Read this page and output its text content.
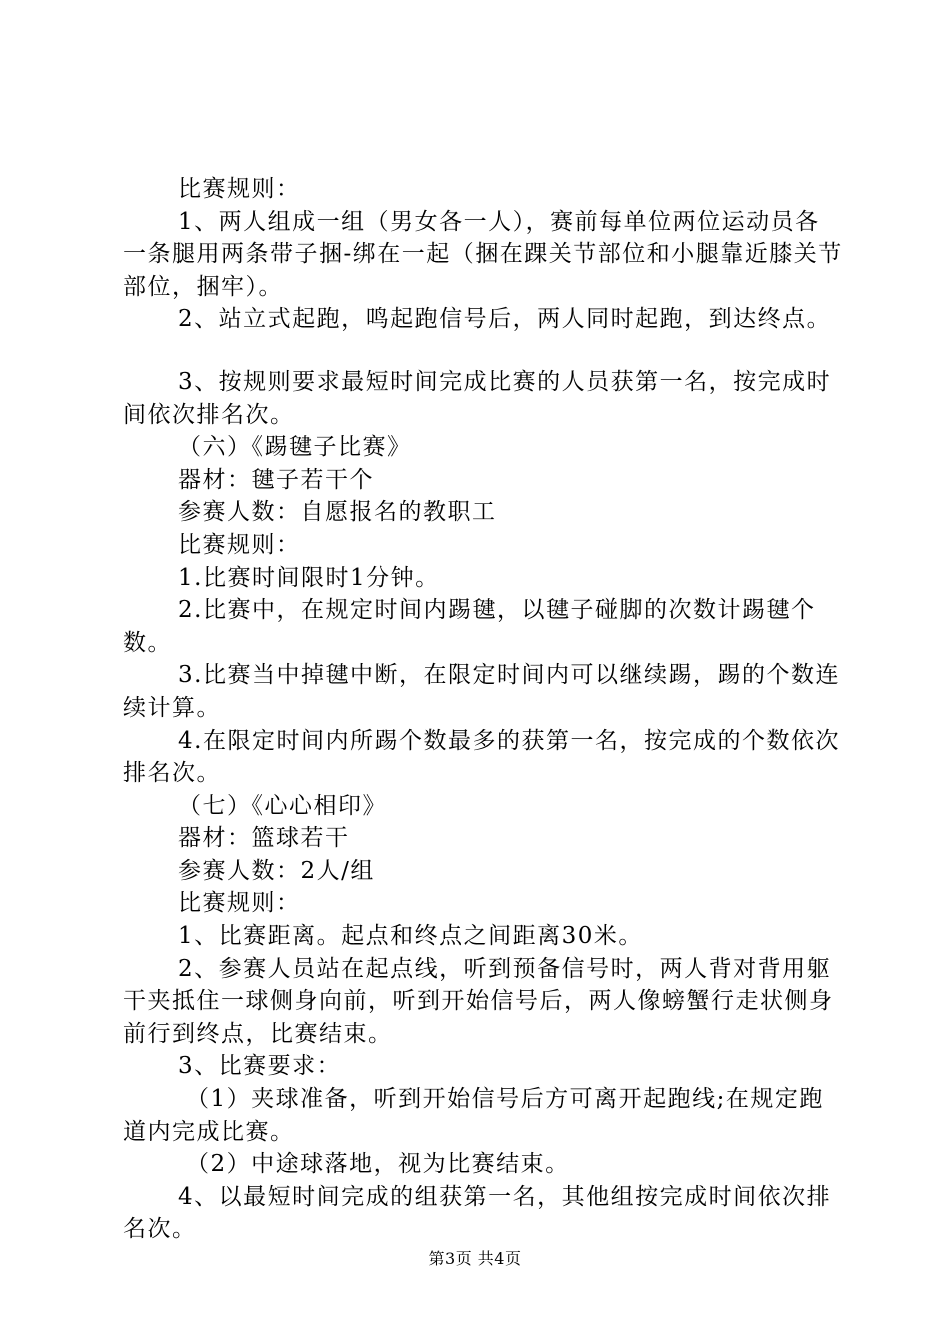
比赛规则：

1、两人组成一组（男女各一人），赛前每单位两位运动员各一条腿用两条带子捆-绑在一起（捆在踝关节部位和小腿靠近膝关节部位，捆牢）。

2、站立式起跑，鸣起跑信号后，两人同时起跑，到达终点。

3、按规则要求最短时间完成比赛的人员获第一名，按完成时间依次排名次。

（六）《踢毽子比赛》

器材：毽子若干个

参赛人数：自愿报名的教职工

比赛规则：

1.比赛时间限时1分钟。

2.比赛中，在规定时间内踢毽，以毽子碰脚的次数计踢毽个数。

3.比赛当中掉毽中断，在限定时间内可以继续踢，踢的个数连续计算。

4.在限定时间内所踢个数最多的获第一名，按完成的个数依次排名次。

（七）《心心相印》

器材：篮球若干

参赛人数：2人/组

比赛规则：

1、比赛距离。起点和终点之间距离30米。

2、参赛人员站在起点线，听到预备信号时，两人背对背用躯干夹抵住一球侧身向前，听到开始信号后，两人像螃蟹行走状侧身前行到终点，比赛结束。

3、比赛要求：

（1）夹球准备，听到开始信号后方可离开起跑线;在规定跑道内完成比赛。

（2）中途球落地，视为比赛结束。

4、以最短时间完成的组获第一名，其他组按完成时间依次排名次。

第3页 共4页
